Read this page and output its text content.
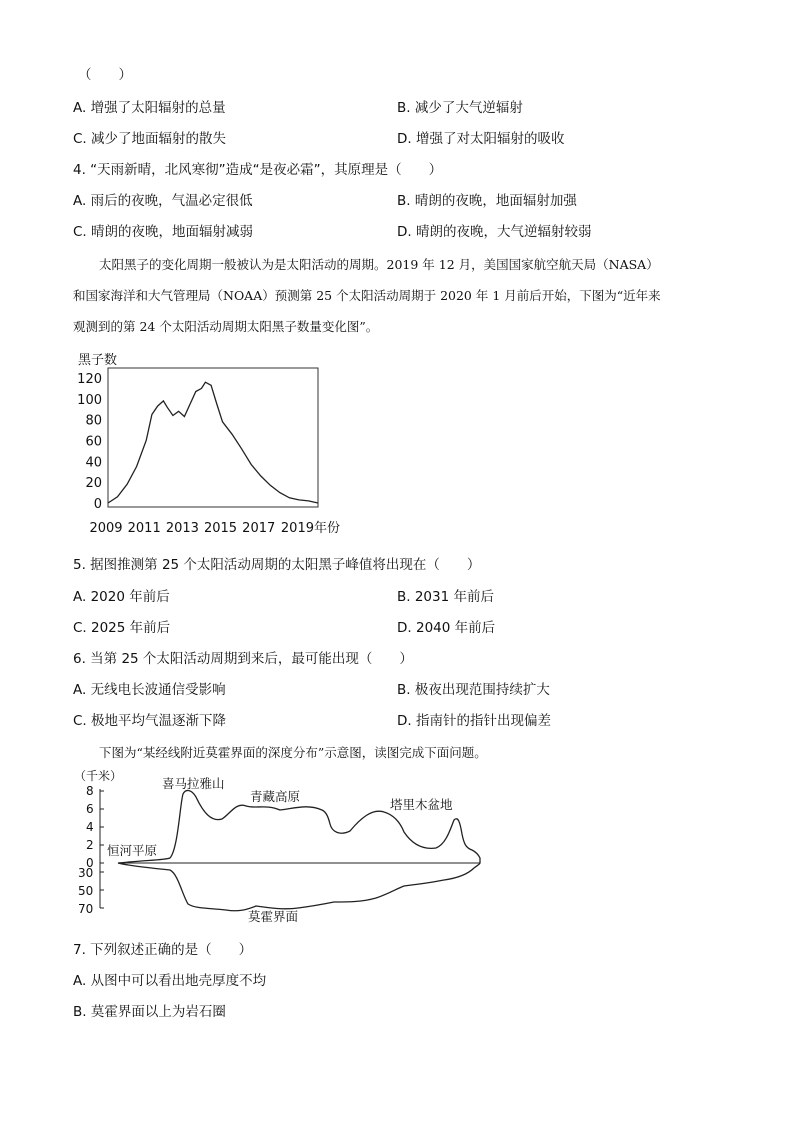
（　　）
A. 增强了太阳辐射的总量	B. 减少了大气逆辐射
C. 减少了地面辐射的散失	D. 增强了对太阳辐射的吸收
4. “天雨新晴，北风寒彻”造成“是夜必霜”，其原理是（　　）
A. 雨后的夜晚，气温必定很低	B. 晴朗的夜晚，地面辐射加强
C. 晴朗的夜晚，地面辐射减弱	D. 晴朗的夜晚，大气逆辐射较弱
太阳黑子的变化周期一般被认为是太阳活动的周期。2019 年 12 月，美国国家航空航天局（NASA）
和国家海洋和大气管理局（NOAA）预测第 25 个太阳活动周期于 2020 年 1 月前后开始，下图为“近年来
观测到的第 24 个太阳活动周期太阳黑子数量变化图”。
黑子数
120
100
80
60
40
20
0
2009 2011 2013 2015 2017 2019年份
5. 据图推测第 25 个太阳活动周期的太阳黑子峰值将出现在（　　）
A. 2020 年前后	B. 2031 年前后
C. 2025 年前后	D. 2040 年前后
6. 当第 25 个太阳活动周期到来后，最可能出现（　　）
A. 无线电长波通信受影响	B. 极夜出现范围持续扩大
C. 极地平均气温逐渐下降	D. 指南针的指针出现偏差
下图为“某经线附近莫霍界面的深度分布”示意图，读图完成下面问题。
（千米）	喜马拉雅山
青藏高原
塔里木盆地
恒河平原
莫霍界面
8
6
4
2
0
30
50
70
7. 下列叙述正确的是（　　）
A. 从图中可以看出地壳厚度不均
B. 莫霍界面以上为岩石圈
